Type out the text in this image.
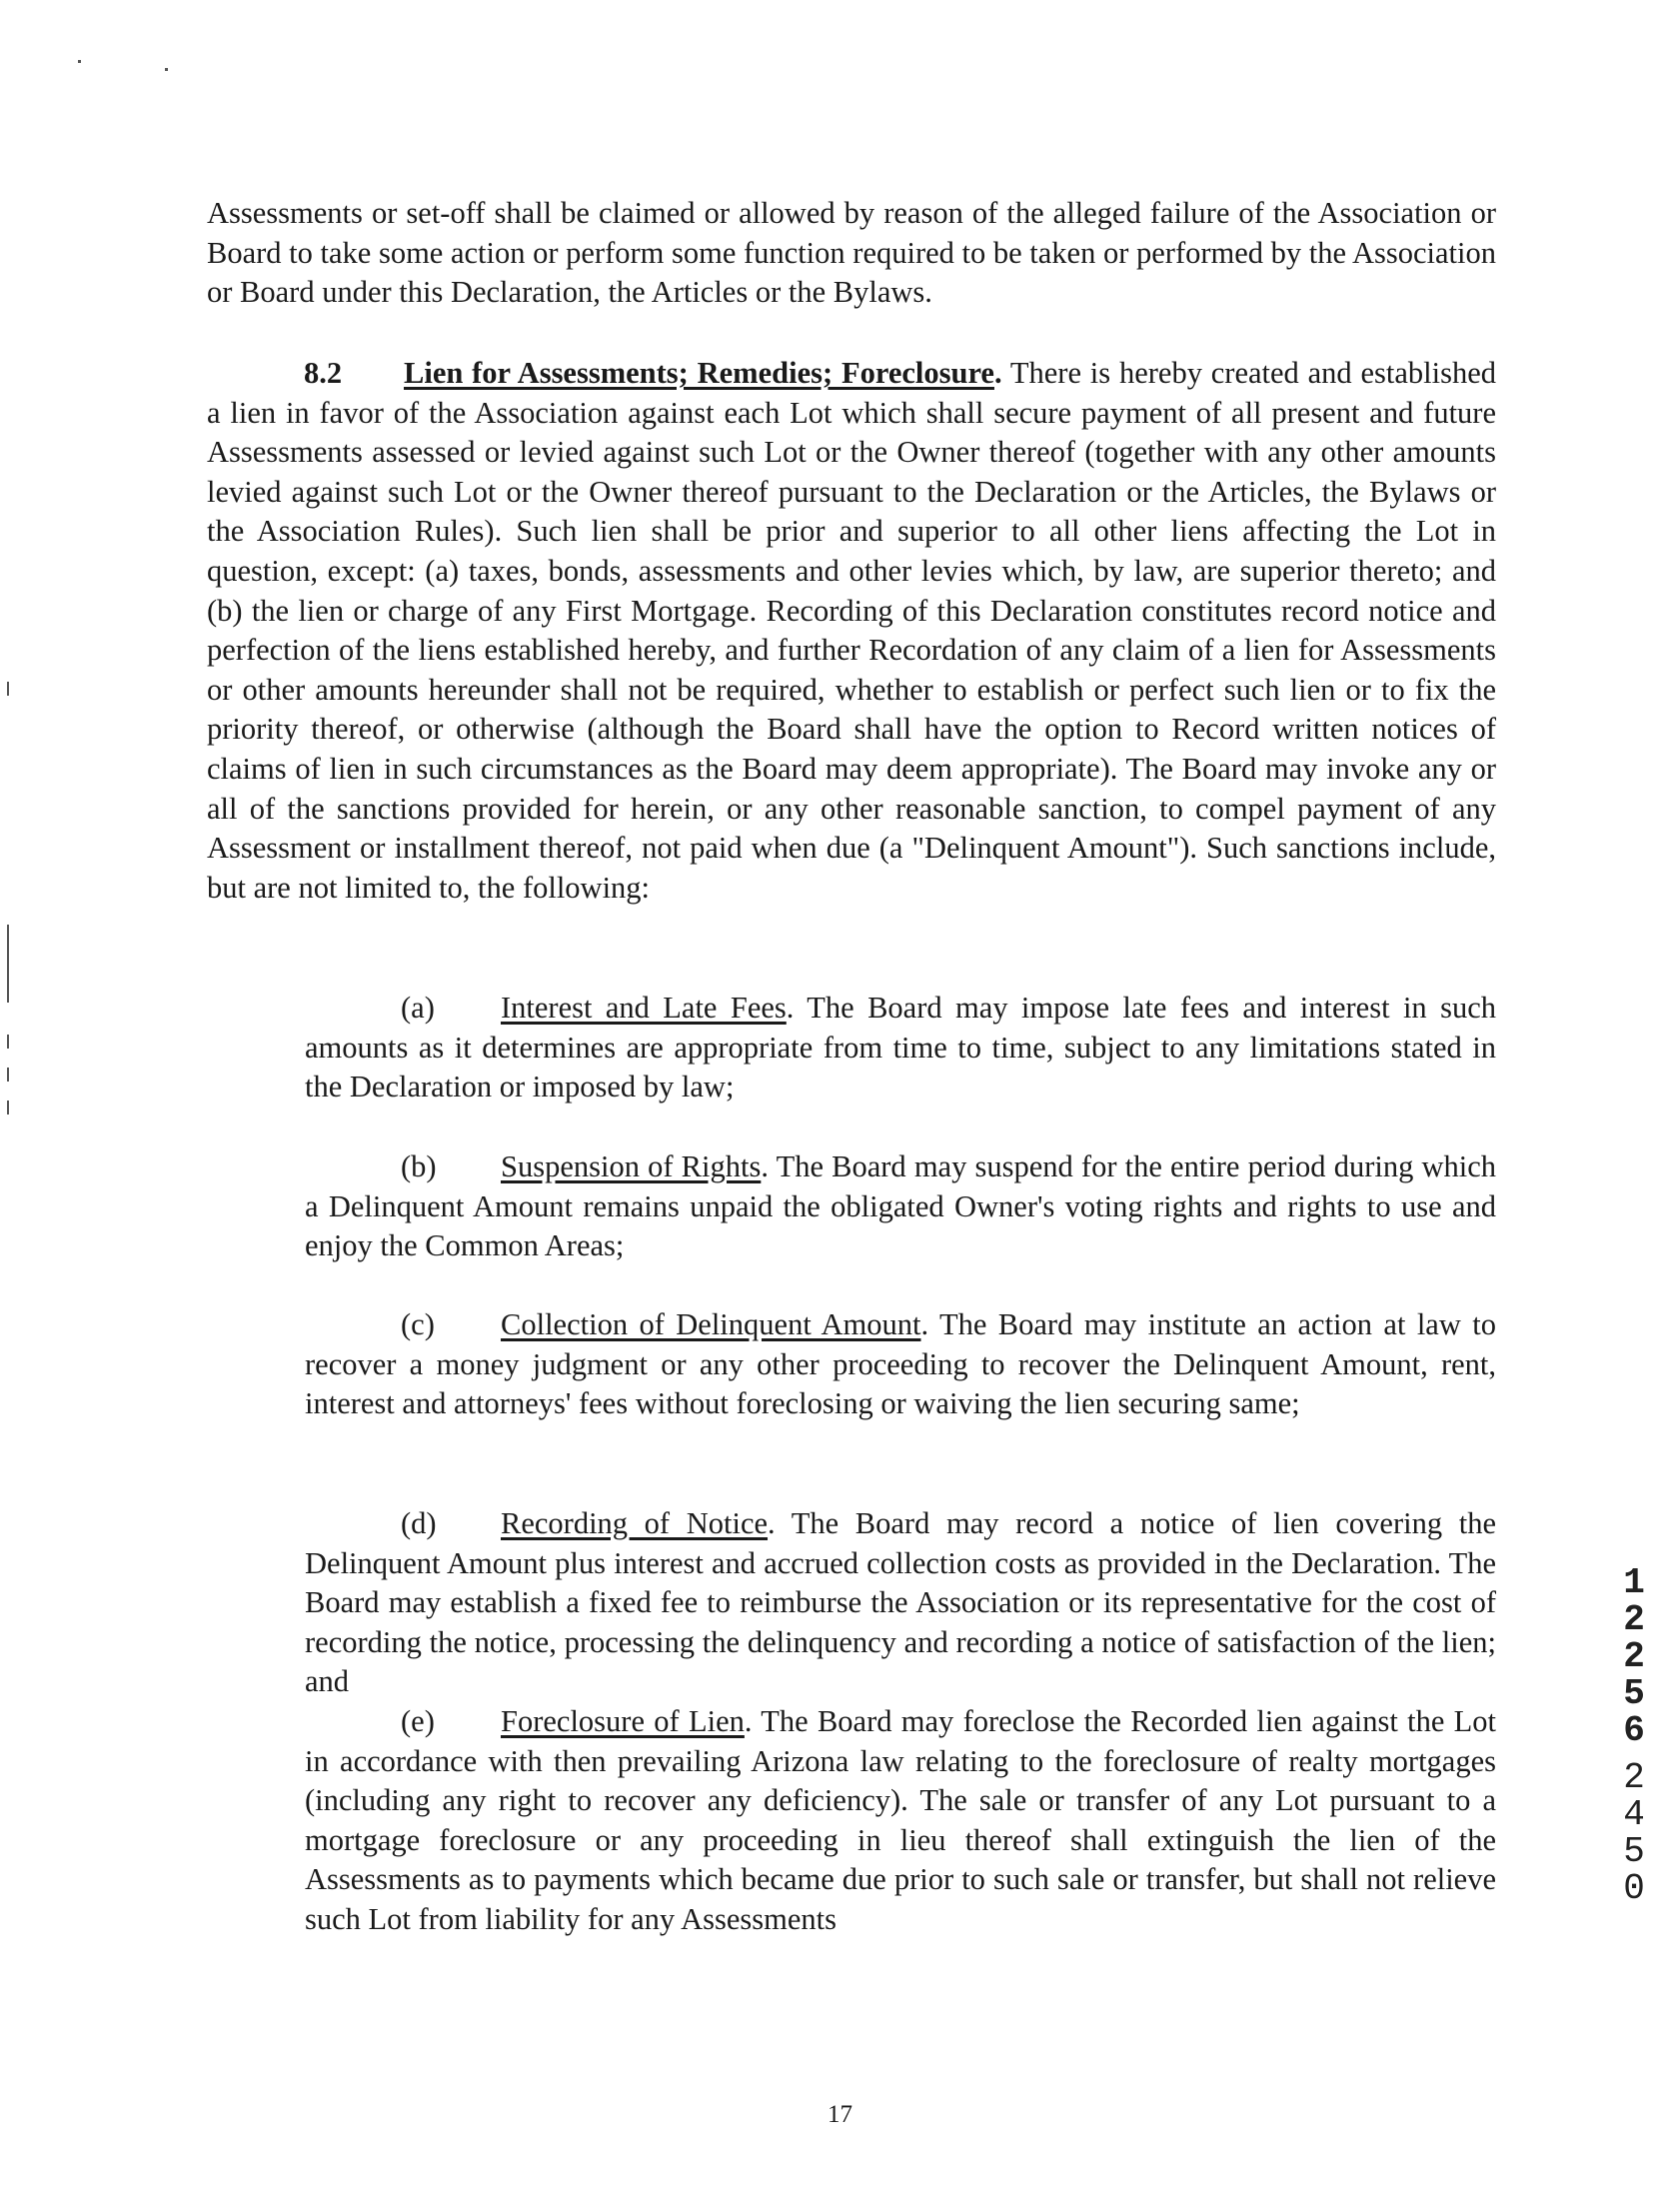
Assessments or set-off shall be claimed or allowed by reason of the alleged failure of the Association or Board to take some action or perform some function required to be taken or performed by the Association or Board under this Declaration, the Articles or the Bylaws.

8.2 Lien for Assessments; Remedies; Foreclosure. There is hereby created and established a lien in favor of the Association against each Lot which shall secure payment of all present and future Assessments assessed or levied against such Lot or the Owner thereof (together with any other amounts levied against such Lot or the Owner thereof pursuant to the Declaration or the Articles, the Bylaws or the Association Rules). Such lien shall be prior and superior to all other liens affecting the Lot in question, except: (a) taxes, bonds, assessments and other levies which, by law, are superior thereto; and (b) the lien or charge of any First Mortgage. Recording of this Declaration constitutes record notice and perfection of the liens established hereby, and further Recordation of any claim of a lien for Assessments or other amounts hereunder shall not be required, whether to establish or perfect such lien or to fix the priority thereof, or otherwise (although the Board shall have the option to Record written notices of claims of lien in such circumstances as the Board may deem appropriate). The Board may invoke any or all of the sanctions provided for herein, or any other reasonable sanction, to compel payment of any Assessment or installment thereof, not paid when due (a "Delinquent Amount"). Such sanctions include, but are not limited to, the following:

(a) Interest and Late Fees. The Board may impose late fees and interest in such amounts as it determines are appropriate from time to time, subject to any limitations stated in the Declaration or imposed by law;

(b) Suspension of Rights. The Board may suspend for the entire period during which a Delinquent Amount remains unpaid the obligated Owner's voting rights and rights to use and enjoy the Common Areas;

(c) Collection of Delinquent Amount. The Board may institute an action at law to recover a money judgment or any other proceeding to recover the Delinquent Amount, rent, interest and attorneys' fees without foreclosing or waiving the lien securing same;

(d) Recording of Notice. The Board may record a notice of lien covering the Delinquent Amount plus interest and accrued collection costs as provided in the Declaration. The Board may establish a fixed fee to reimburse the Association or its representative for the cost of recording the notice, processing the delinquency and recording a notice of satisfaction of the lien; and

(e) Foreclosure of Lien. The Board may foreclose the Recorded lien against the Lot in accordance with then prevailing Arizona law relating to the foreclosure of realty mortgages (including any right to recover any deficiency). The sale or transfer of any Lot pursuant to a mortgage foreclosure or any proceeding in lieu thereof shall extinguish the lien of the Assessments as to payments which became due prior to such sale or transfer, but shall not relieve such Lot from liability for any Assessments

17
1
2
2
5
6
2
4
5
0
